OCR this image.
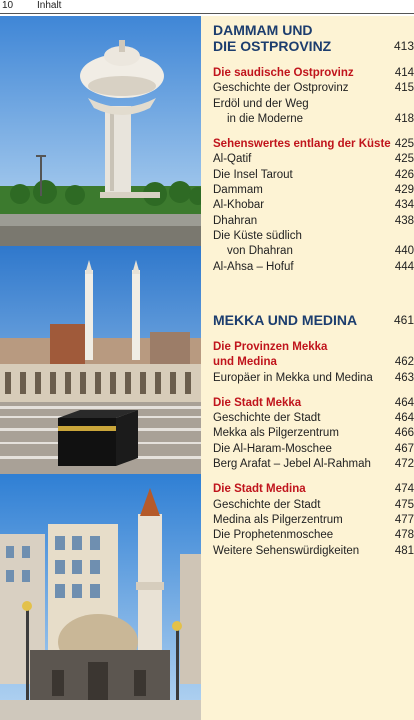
10 Inhalt
DAMMAM UND
DIE OSTPROVINZ	413
Die saudische Ostprovinz	414
Geschichte der Ostprovinz	415
Erdöl und der Weg
in die Moderne	418
Sehenswertes entlang der Küste 425
Al-Qatif	425
Die Insel Tarout	426
Dammam	429
Al-Khobar	434
Dhahran	438
Die Küste südlich
von Dhahran	440
Al-Ahsa – Hofuf	444
MEKKA UND MEDINA	461
Die Provinzen Mekka
und Medina	462
Europäer in Mekka und Medina 463
Die Stadt Mekka	464
Geschichte der Stadt	464
Mekka als Pilgerzentrum	466
Die Al-Haram-Moschee	467
Berg Arafat – Jebel Al-Rahmah 472
Die Stadt Medina	474
Geschichte der Stadt	475
Medina als Pilgerzentrum	477
Die Prophetenmoschee	478
Weitere Sehenswürdigkeiten	481
